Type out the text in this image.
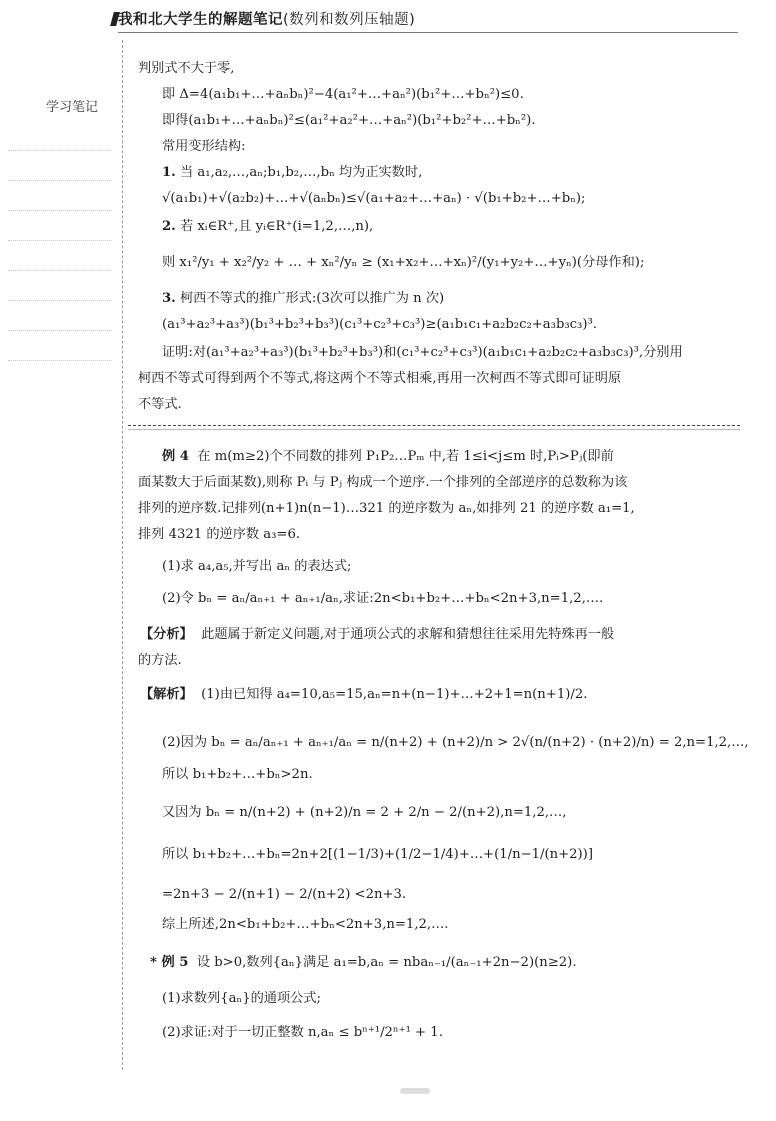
我和北大学生的解题笔记(数列和数列压轴题)
学习笔记
判别式不大于零,
即 Δ=4(a₁b₁+…+aₙbₙ)²−4(a₁²+…+aₙ²)(b₁²+…+bₙ²)≤0.
即得(a₁b₁+…+aₙbₙ)²≤(a₁²+a₂²+…+aₙ²)(b₁²+b₂²+…+bₙ²).
常用变形结构:
1. 当 a₁,a₂,…,aₙ;b₁,b₂,…,bₙ 均为正实数时,
√(a₁b₁)+√(a₂b₂)+…+√(aₙbₙ)≤√(a₁+a₂+…+aₙ) · √(b₁+b₂+…+bₙ);
2. 若 xᵢ∈R⁺,且 yᵢ∈R⁺(i=1,2,…,n),
则 x₁²/y₁ + x₂²/y₂ + … + xₙ²/yₙ ≥ (x₁+x₂+…+xₙ)²/(y₁+y₂+…+yₙ)(分母作和);
3. 柯西不等式的推广形式:(3次可以推广为 n 次)
(a₁³+a₂³+a₃³)(b₁³+b₂³+b₃³)(c₁³+c₂³+c₃³)≥(a₁b₁c₁+a₂b₂c₂+a₃b₃c₃)³.
证明:对(a₁³+a₂³+a₃³)(b₁³+b₂³+b₃³)和(c₁³+c₂³+c₃³)(a₁b₁c₁+a₂b₂c₂+a₃b₃c₃)³,分别用
柯西不等式可得到两个不等式,将这两个不等式相乘,再用一次柯西不等式即可证明原
不等式.
例 4 在 m(m≥2)个不同数的排列 P₁P₂…Pₘ 中,若 1≤i<j≤m 时,Pᵢ>Pⱼ(即前
面某数大于后面某数),则称 Pᵢ 与 Pⱼ 构成一个逆序.一个排列的全部逆序的总数称为该
排列的逆序数.记排列(n+1)n(n−1)…321 的逆序数为 aₙ,如排列 21 的逆序数 a₁=1,
排列 4321 的逆序数 a₃=6.
(1)求 a₄,a₅,并写出 aₙ 的表达式;
(2)令 bₙ = aₙ/aₙ₊₁ + aₙ₊₁/aₙ,求证:2n<b₁+b₂+…+bₙ<2n+3,n=1,2,….
【分析】 此题属于新定义问题,对于通项公式的求解和猜想往往采用先特殊再一般
的方法.
【解析】 (1)由已知得 a₄=10,a₅=15,aₙ=n+(n−1)+…+2+1=n(n+1)/2.
(2)因为 bₙ = aₙ/aₙ₊₁ + aₙ₊₁/aₙ = n/(n+2) + (n+2)/n > 2√(n/(n+2) · (n+2)/n) = 2,n=1,2,…,
所以 b₁+b₂+…+bₙ>2n.
又因为 bₙ = n/(n+2) + (n+2)/n = 2 + 2/n − 2/(n+2),n=1,2,…,
所以 b₁+b₂+…+bₙ=2n+2[(1−1/3)+(1/2−1/4)+…+(1/n−1/(n+2))]
=2n+3 − 2/(n+1) − 2/(n+2) <2n+3.
综上所述,2n<b₁+b₂+…+bₙ<2n+3,n=1,2,….
* 例 5 设 b>0,数列{aₙ}满足 a₁=b,aₙ = nbaₙ₋₁/(aₙ₋₁+2n−2)(n≥2).
(1)求数列{aₙ}的通项公式;
(2)求证:对于一切正整数 n,aₙ ≤ bⁿ⁺¹/2ⁿ⁺¹ + 1.
